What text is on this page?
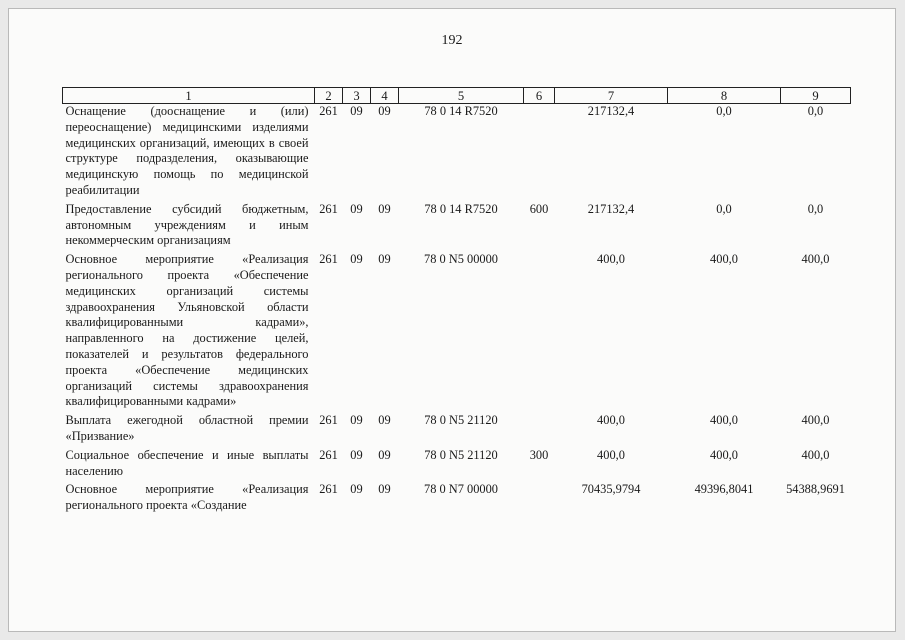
192
1	2	3	4	5	6	7	8	9
Оснащение (дооснащение и (или) переоснащение) медицинскими изделиями медицинских организаций, имеющих в своей структуре подразделения, оказывающие медицинскую помощь по медицинской реабилитации	261	09	09	78 0 14 R7520		217132,4	0,0	0,0

Предоставление субсидий бюджетным, автономным учреждениям и иным некоммерческим организациям	261	09	09	78 0 14 R7520	600	217132,4	0,0	0,0

Основное мероприятие «Реализация регионального проекта «Обеспечение медицинских организаций системы здравоохранения Ульяновской области квалифицированными кадрами», направленного на достижение целей, показателей и результатов федерального проекта «Обеспечение медицинских организаций системы здравоохранения квалифицированными кадрами»	261	09	09	78 0 N5 00000		400,0	400,0	400,0

Выплата ежегодной областной премии «Призвание»	261	09	09	78 0 N5 21120		400,0	400,0	400,0

Социальное обеспечение и иные выплаты населению	261	09	09	78 0 N5 21120	300	400,0	400,0	400,0

Основное мероприятие «Реализация регионального проекта «Создание	261	09	09	78 0 N7 00000		70435,9794	49396,8041	54388,9691
